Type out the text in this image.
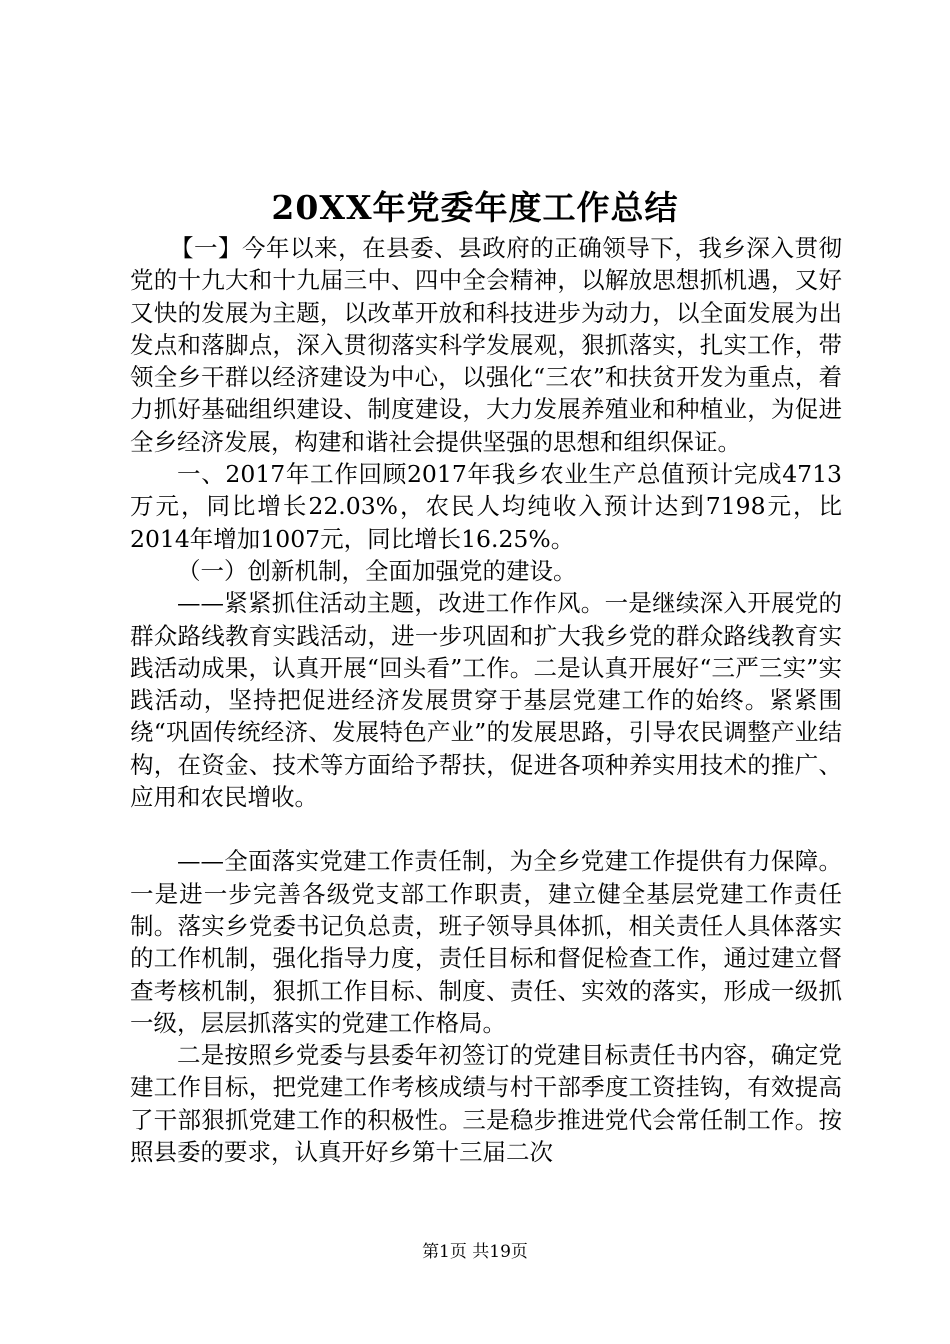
20XX年党委年度工作总结

【一】今年以来，在县委、县政府的正确领导下，我乡深入贯彻党的十九大和十九届三中、四中全会精神，以解放思想抓机遇，又好又快的发展为主题，以改革开放和科技进步为动力，以全面发展为出发点和落脚点，深入贯彻落实科学发展观，狠抓落实，扎实工作，带领全乡干群以经济建设为中心，以强化“三农”和扶贫开发为重点，着力抓好基础组织建设、制度建设，大力发展养殖业和种植业，为促进全乡经济发展，构建和谐社会提供坚强的思想和组织保证。

一、2017年工作回顾2017年我乡农业生产总值预计完成4713万元，同比增长22.03%，农民人均纯收入预计达到7198元，比2014年增加1007元，同比增长16.25%。

（一）创新机制，全面加强党的建设。

——紧紧抓住活动主题，改进工作作风。一是继续深入开展党的群众路线教育实践活动，进一步巩固和扩大我乡党的群众路线教育实践活动成果，认真开展“回头看”工作。二是认真开展好“三严三实”实践活动，坚持把促进经济发展贯穿于基层党建工作的始终。紧紧围绕“巩固传统经济、发展特色产业”的发展思路，引导农民调整产业结构，在资金、技术等方面给予帮扶，促进各项种养实用技术的推广、应用和农民增收。

——全面落实党建工作责任制，为全乡党建工作提供有力保障。一是进一步完善各级党支部工作职责，建立健全基层党建工作责任制。落实乡党委书记负总责，班子领导具体抓，相关责任人具体落实的工作机制，强化指导力度，责任目标和督促检查工作，通过建立督查考核机制，狠抓工作目标、制度、责任、实效的落实，形成一级抓一级，层层抓落实的党建工作格局。

二是按照乡党委与县委年初签订的党建目标责任书内容，确定党建工作目标，把党建工作考核成绩与村干部季度工资挂钩，有效提高了干部狠抓党建工作的积极性。三是稳步推进党代会常任制工作。按照县委的要求，认真开好乡第十三届二次

第1页 共19页
